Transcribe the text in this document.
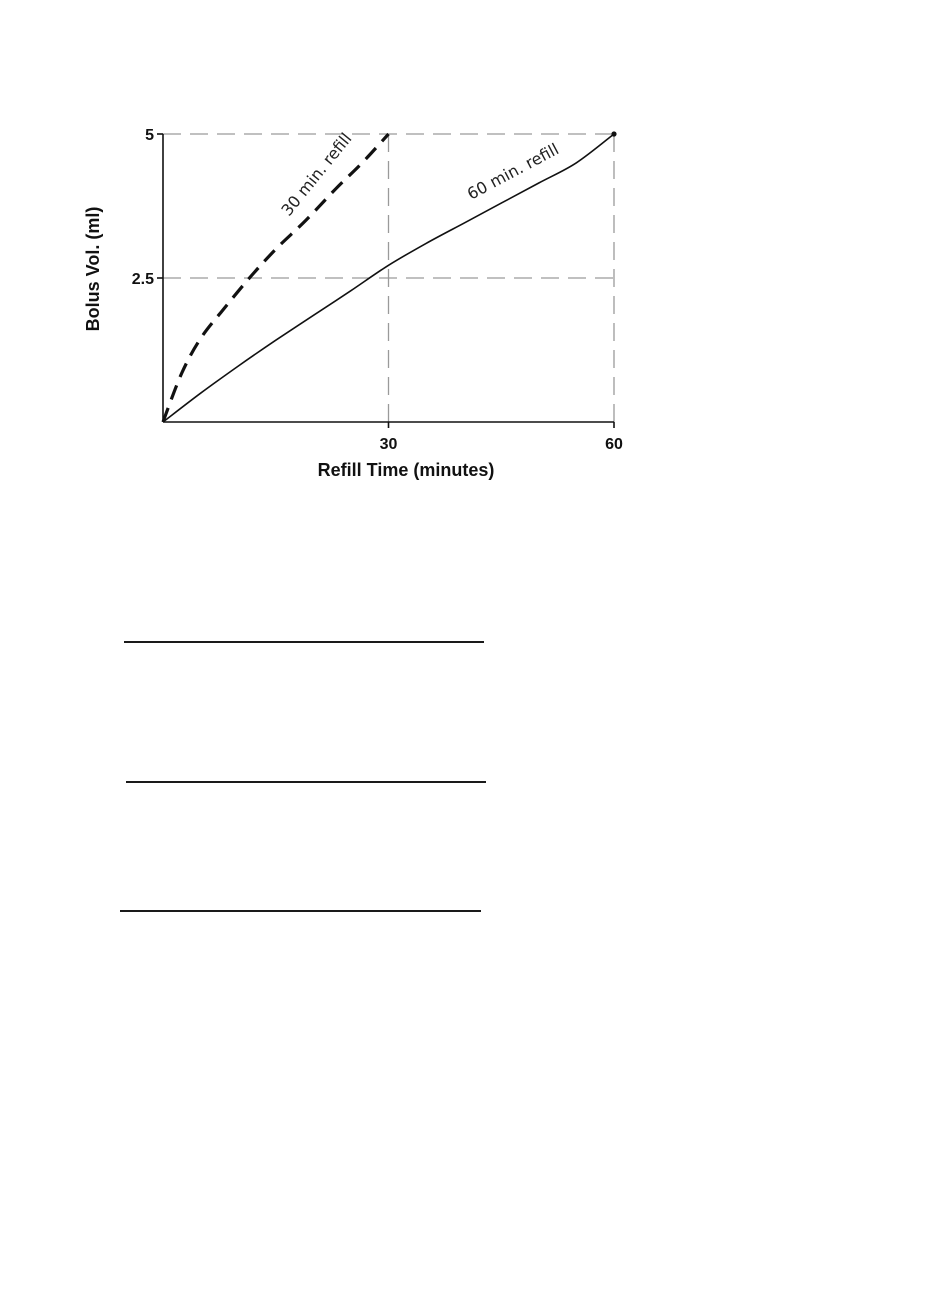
2.5
5
30	60
30 min. refill	60 min. refill
Refill Time (minutes)
Bolus Vol. (ml)
